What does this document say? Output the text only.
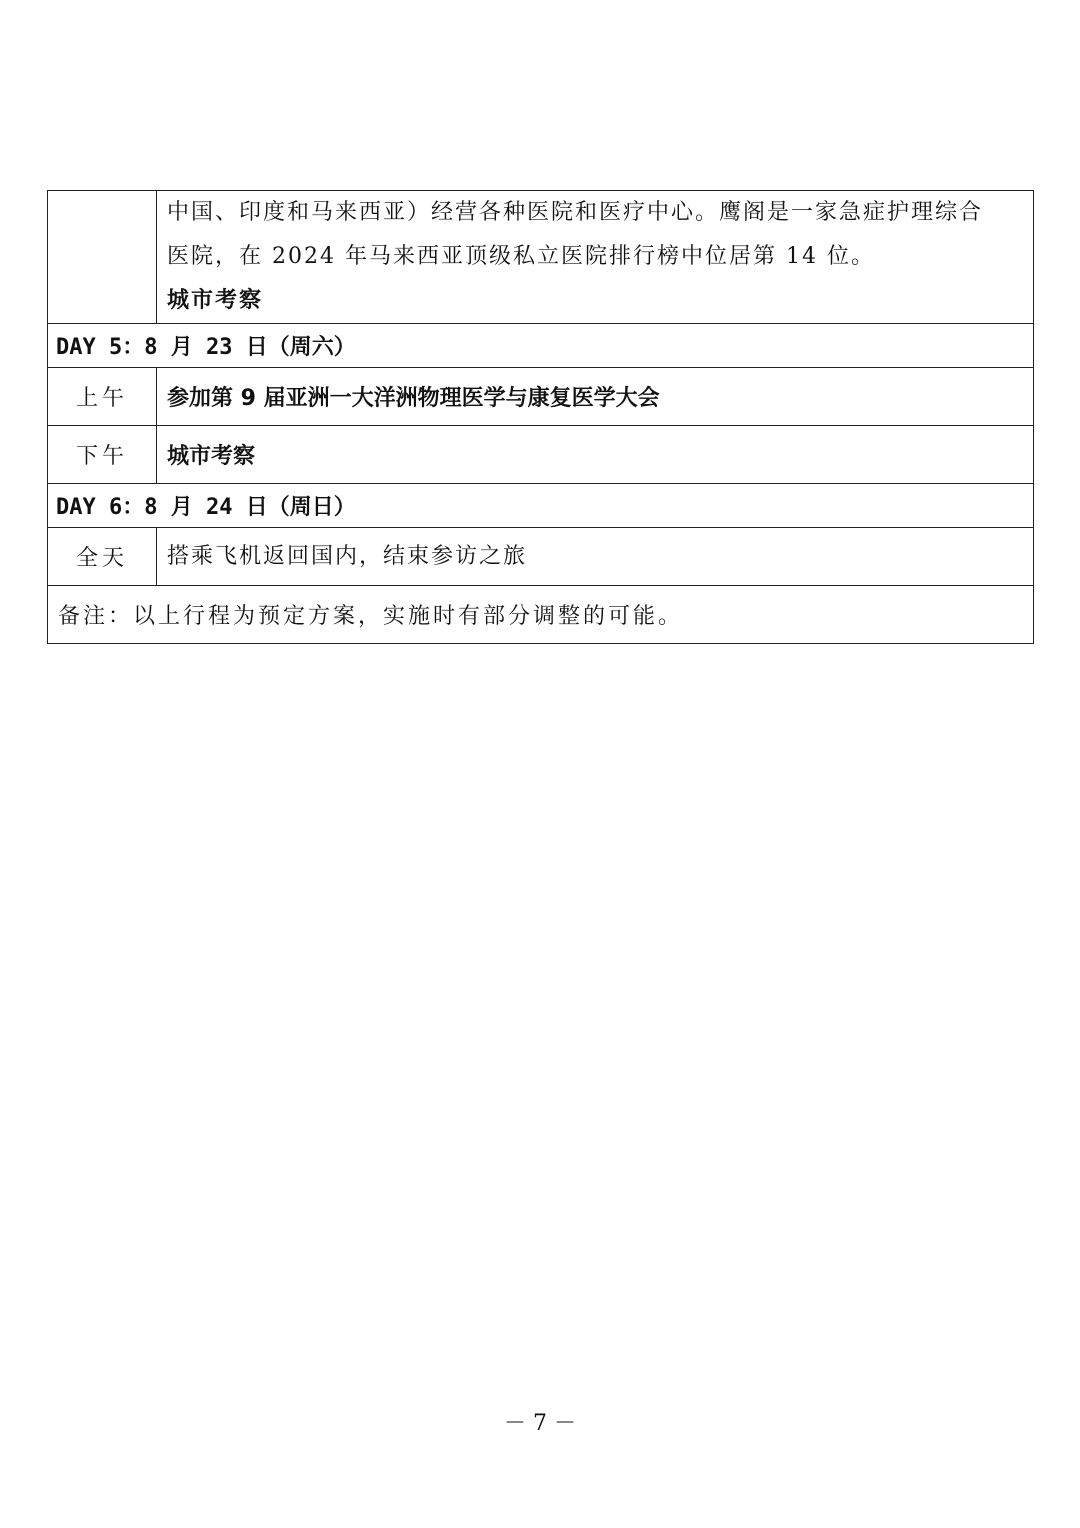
	中国、印度和马来西亚）经营各种医院和医疗中心。鹰阁是一家急症护理综合
医院，在 2024 年马来西亚顶级私立医院排行榜中位居第 14 位。
城市考察

DAY 5：8 月 23 日（周六）	
上午	参加第 9 届亚洲一大洋洲物理医学与康复医学大会
下午	城市考察
DAY 6：8 月 24 日（周日）	
全天	搭乘飞机返回国内，结束参访之旅
备注：以上行程为预定方案，实施时有部分调整的可能。	
－ 7 －
